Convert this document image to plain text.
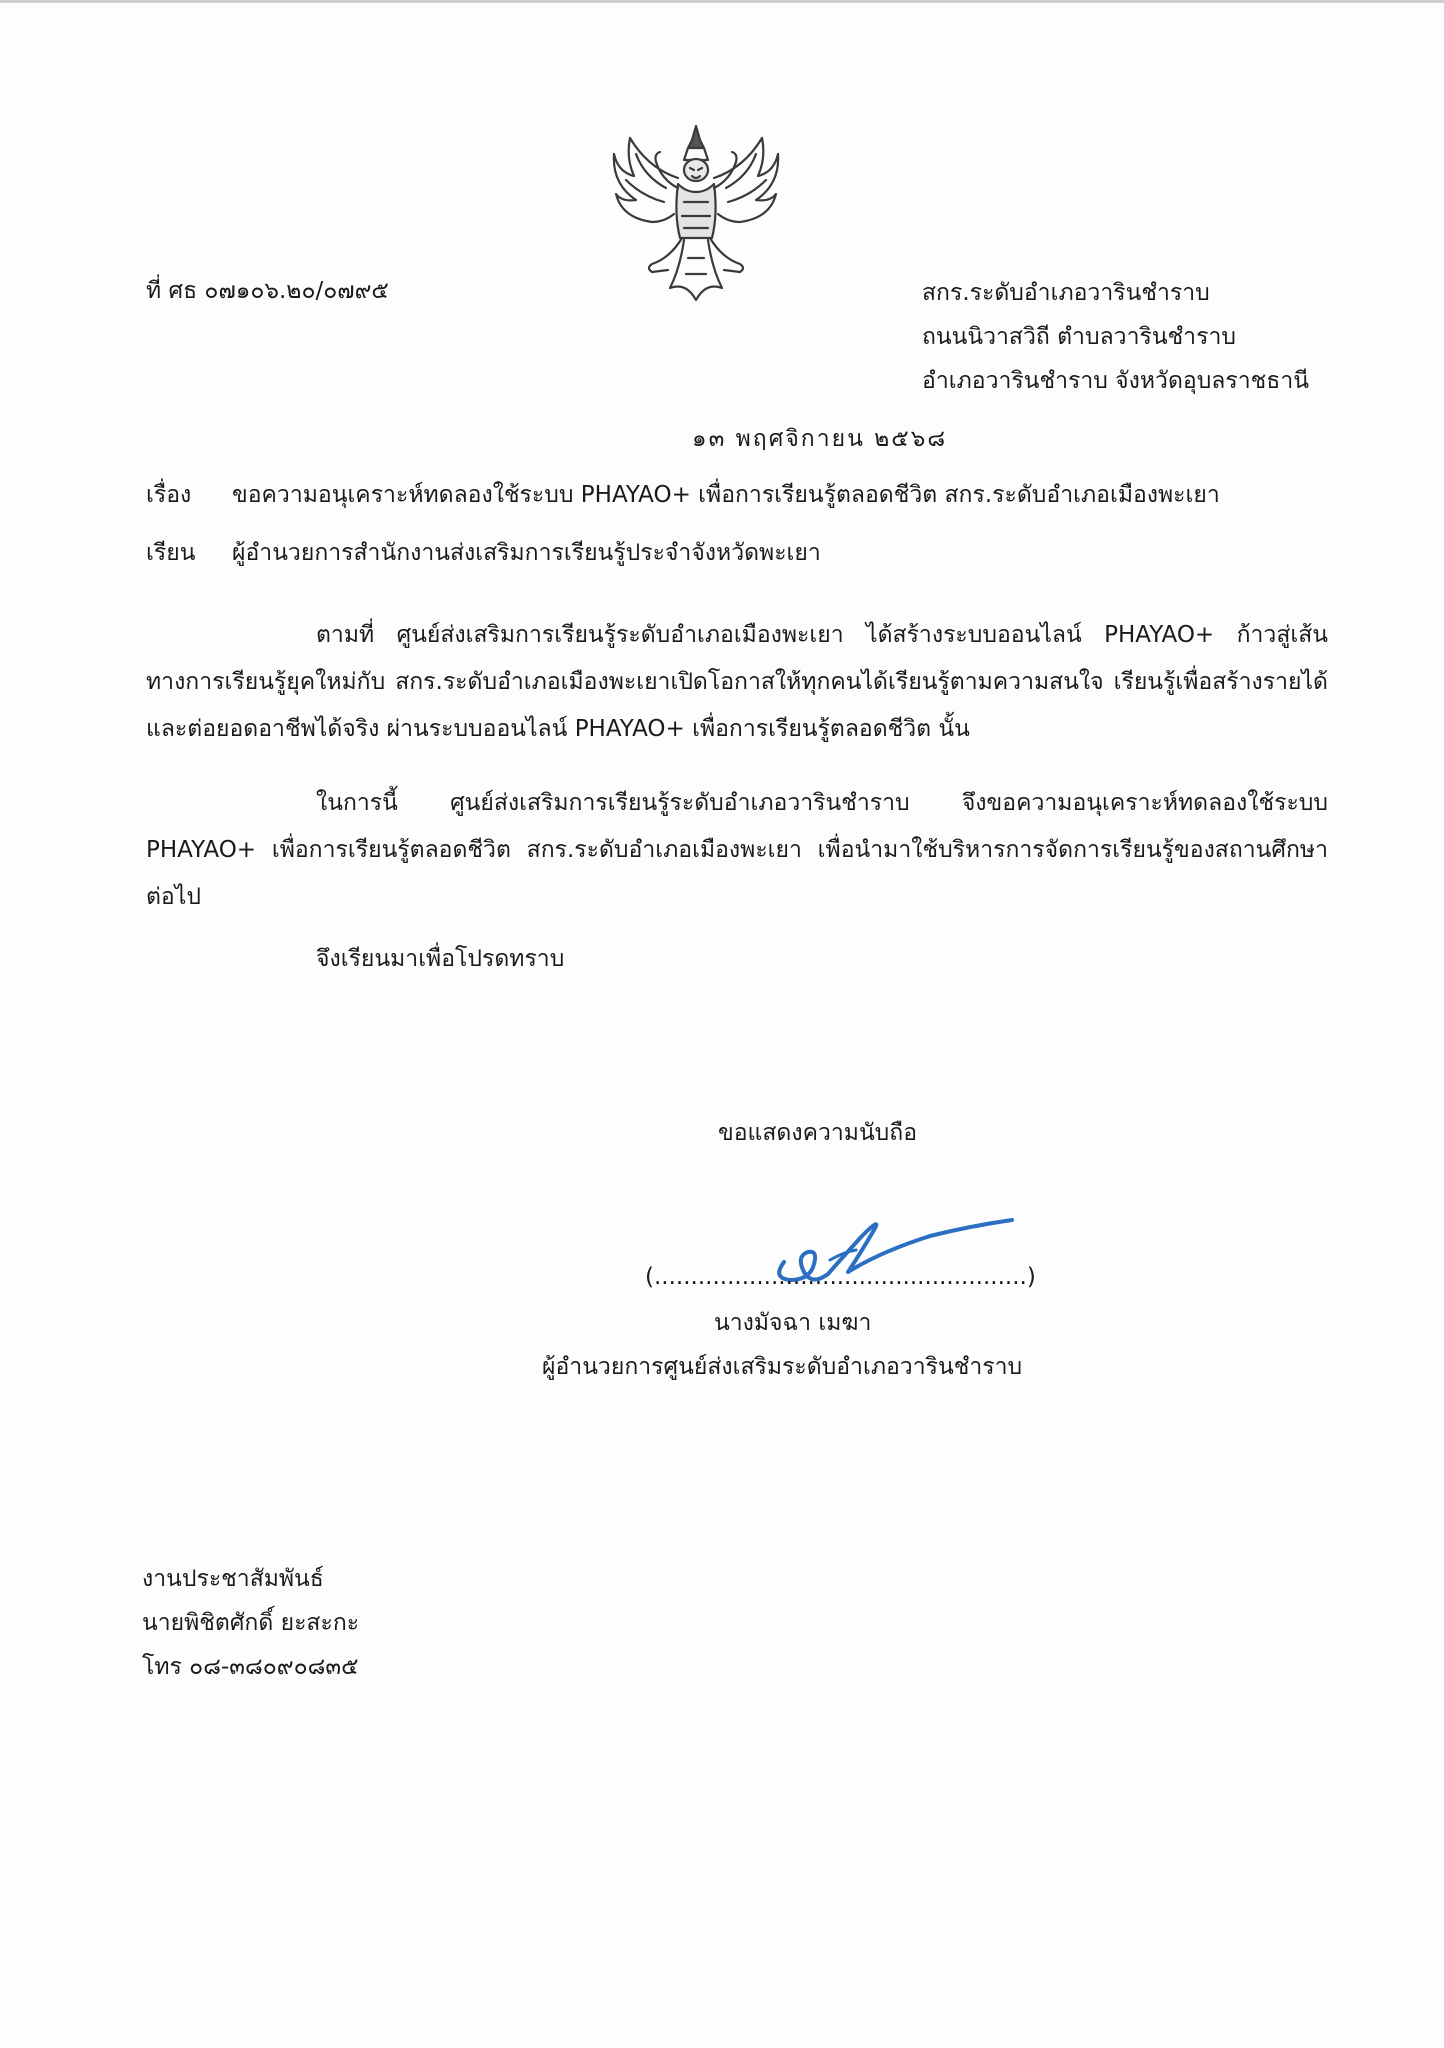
ที่ ศธ ๐๗๑๐๖.๒๐/๐๗๙๕	สกร.ระดับอำเภอวารินชำราบ
ถนนนิวาสวิถี ตำบลวารินชำราบ
อำเภอวารินชำราบ จังหวัดอุบลราชธานี
๑๓ พฤศจิกายน ๒๕๖๘
เรื่อง ขอความอนุเคราะห์ทดลองใช้ระบบ PHAYAO+ เพื่อการเรียนรู้ตลอดชีวิต สกร.ระดับอำเภอเมืองพะเยา
เรียน ผู้อำนวยการสำนักงานส่งเสริมการเรียนรู้ประจำจังหวัดพะเยา
ตามที่ ศูนย์ส่งเสริมการเรียนรู้ระดับอำเภอเมืองพะเยา ได้สร้างระบบออนไลน์ PHAYAO+ ก้าวสู่เส้นทางการเรียนรู้ยุคใหม่กับ สกร.ระดับอำเภอเมืองพะเยาเปิดโอกาสให้ทุกคนได้เรียนรู้ตามความสนใจ เรียนรู้เพื่อสร้างรายได้ และต่อยอดอาชีพได้จริง ผ่านระบบออนไลน์ PHAYAO+ เพื่อการเรียนรู้ตลอดชีวิต นั้น
ในการนี้ ศูนย์ส่งเสริมการเรียนรู้ระดับอำเภอวารินชำราบ จึงขอความอนุเคราะห์ทดลองใช้ระบบ PHAYAO+ เพื่อการเรียนรู้ตลอดชีวิต สกร.ระดับอำเภอเมืองพะเยา เพื่อนำมาใช้บริหารการจัดการเรียนรู้ของสถานศึกษาต่อไป
จึงเรียนมาเพื่อโปรดทราบ
ขอแสดงความนับถือ
(...................................................)
นางมัจฉา เมฆา
ผู้อำนวยการศูนย์ส่งเสริมระดับอำเภอวารินชำราบ
งานประชาสัมพันธ์
นายพิชิตศักดิ์ ยะสะกะ
โทร ๐๘-๓๘๐๙๐๘๓๕
